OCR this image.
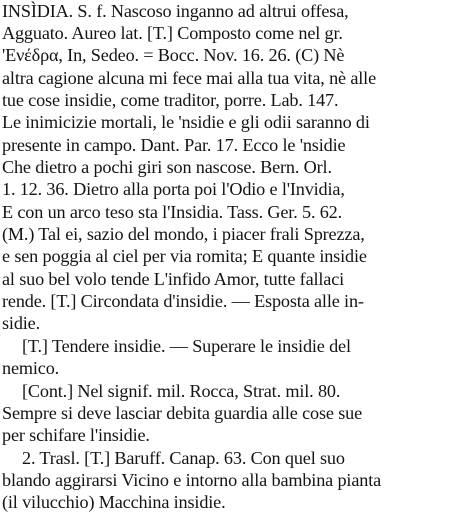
INSÌDIA. S. f. Nascoso inganno ad altrui offesa,
Agguato. Aureo lat. [T.] Composto come nel gr.
'Ενέδρα, In, Sedeo. = Bocc. Nov. 16. 26. (C) Nè
altra cagione alcuna mi fece mai alla tua vita, nè alle
tue cose insidie, come traditor, porre. Lab. 147.
Le inimicizie mortali, le 'nsidie e gli odii saranno di
presente in campo. Dant. Par. 17. Ecco le 'nsidie
Che dietro a pochi giri son nascose. Bern. Orl.
1. 12. 36. Dietro alla porta poi l'Odio e l'Invidia,
E con un arco teso sta l'Insidia. Tass. Ger. 5. 62.
(M.) Tal ei, sazio del mondo, i piacer frali Sprezza,
e sen poggia al ciel per via romita; E quante insidie
al suo bel volo tende L'infido Amor, tutte fallaci
rende. [T.] Circondata d'insidie. — Esposta alle in-
sidie.
[T.] Tendere insidie. — Superare le insidie del
nemico.
[Cont.] Nel signif. mil. Rocca, Strat. mil. 80.
Sempre si deve lasciar debita guardia alle cose sue
per schifare l'insidie.
2. Trasl. [T.] Baruff. Canap. 63. Con quel suo
blando aggirarsi Vicino e intorno alla bambina pianta
(il vilucchio) Macchina insidie.
